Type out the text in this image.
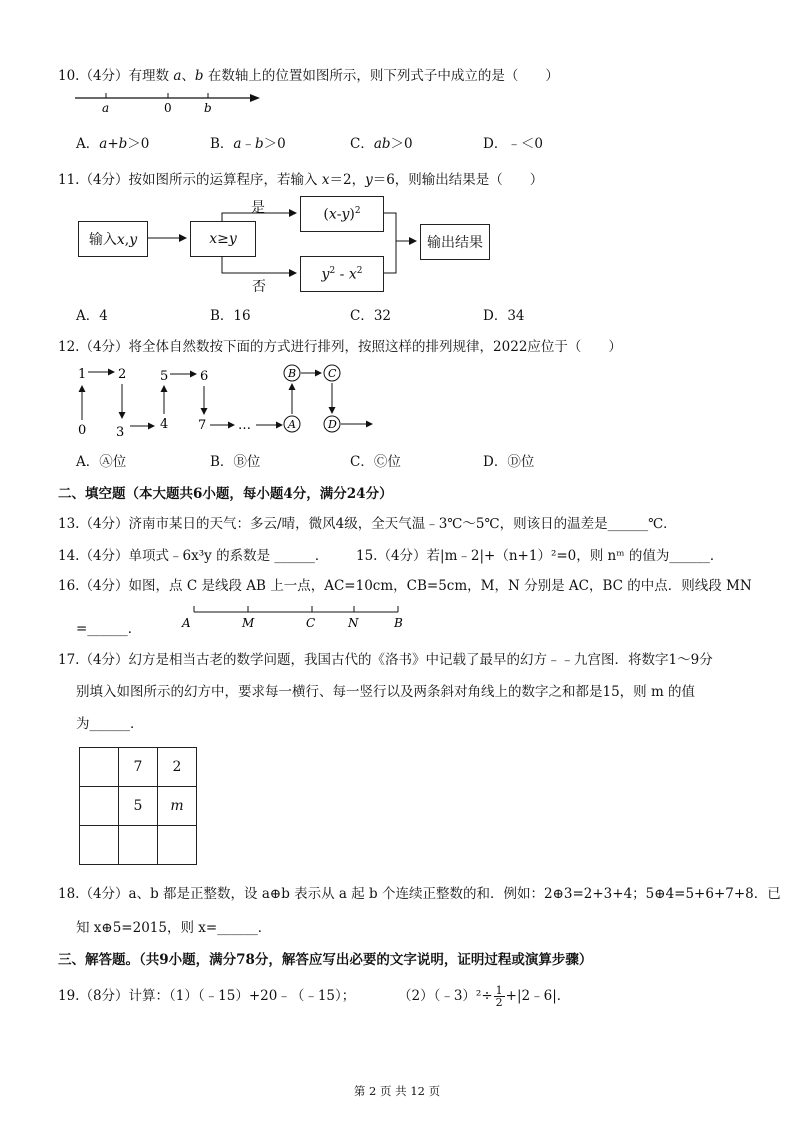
10.（4分）有理数 a、b 在数轴上的位置如图所示，则下列式子中成立的是（　　）
a	0	b
A．a+b＞0	B．a﹣b＞0	C．ab＞0	D．﹣＜0
11.（4分）按如图所示的运算程序，若输入 x＝2，y＝6，则输出结果是（　　）
输入x,y	x ≥ y
$(x-y)^2$
$y^2 - x^2$
输出结果
是
否
A．4	B．16	C．32	D．34
12.（4分）将全体自然数按下面的方式进行排列，按照这样的排列规律，2022应位于（　　）
1 2	5 6
0 3
4 7 …
B	C
A	D
A．Ⓐ位	B．Ⓑ位	C．Ⓒ位	D．Ⓓ位
二、填空题（本大题共6小题，每小题4分，满分24分）
13.（4分）济南市某日的天气：多云/晴，微风4级，全天气温﹣3℃～5℃，则该日的温差是______℃．
14.（4分）单项式﹣6x³y 的系数是 ______． 15.（4分）若|m﹣2|+（n+1）²=0，则 nᵐ 的值为______．
16.（4分）如图，点 C 是线段 AB 上一点，AC=10cm，CB=5cm，M，N 分别是 AC，BC 的中点．则线段 MN
=______．	A	M	C	N	B
17.（4分）幻方是相当古老的数学问题，我国古代的《洛书》中记载了最早的幻方﹣﹣九宫图．将数字1～9分
别填入如图所示的幻方中，要求每一横行、每一竖行以及两条斜对角线上的数字之和都是15，则 m 的值
为______．
	7	2
	5	m

18.（4分）a、b 都是正整数，设 a⊕b 表示从 a 起 b 个连续正整数的和．例如：2⊕3=2+3+4；5⊕4=5+6+7+8．已
知 x⊕5=2015，则 x=______．
三、解答题。（共9小题，满分78分，解答应写出必要的文字说明，证明过程或演算步骤）
19.（8分）计算：（1）（﹣15）+20﹣（﹣15）；	（2）（﹣3）²÷ $\frac{1}{2}$ +|2﹣6|．
第 2 页 共 12 页
